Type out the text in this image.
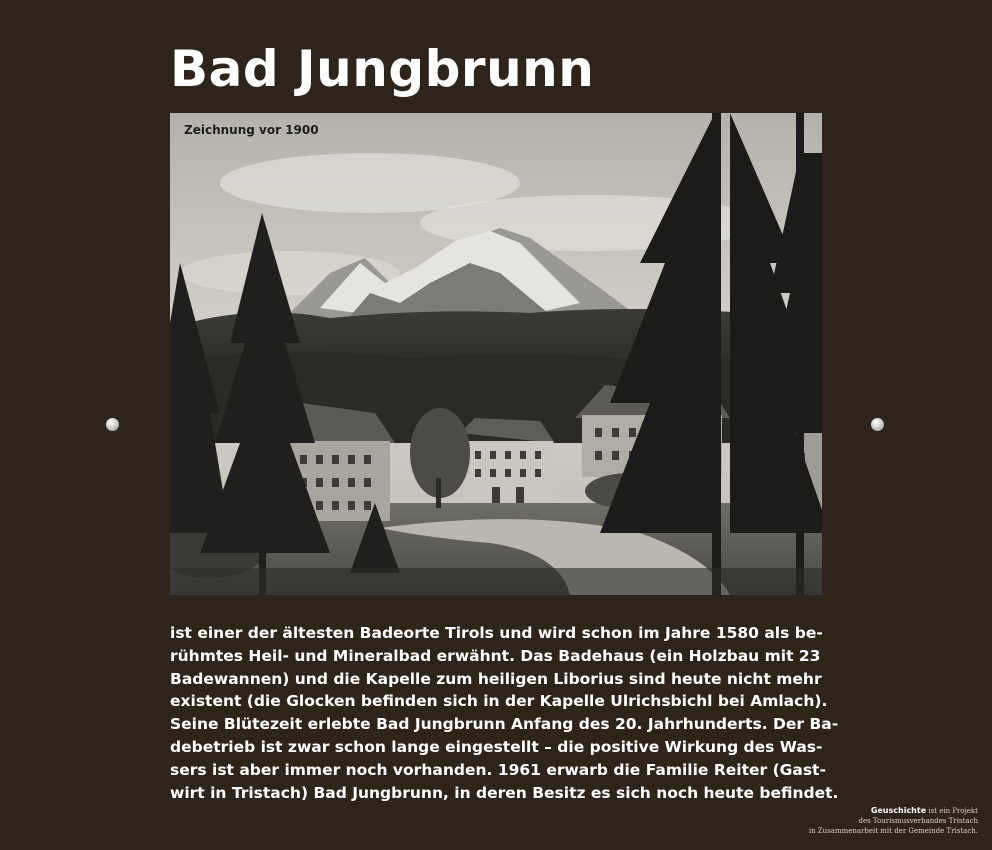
Bad Jungbrunn
Zeichnung vor 1900

ist einer der ältesten Badeorte Tirols und wird schon im Jahre 1580 als be-
rühmtes Heil- und Mineralbad erwähnt. Das Badehaus (ein Holzbau mit 23
Badewannen) und die Kapelle zum heiligen Liborius sind heute nicht mehr
existent (die Glocken befinden sich in der Kapelle Ulrichsbichl bei Amlach).
Seine Blütezeit erlebte Bad Jungbrunn Anfang des 20. Jahrhunderts. Der Ba-
debetrieb ist zwar schon lange eingestellt – die positive Wirkung des Was-
sers ist aber immer noch vorhanden. 1961 erwarb die Familie Reiter (Gast-
wirt in Tristach) Bad Jungbrunn, in deren Besitz es sich noch heute befindet.

Geuschichte ist ein Projekt
des Tourismusverbandes Tristach
in Zusammenarbeit mit der Gemeinde Tristach.
